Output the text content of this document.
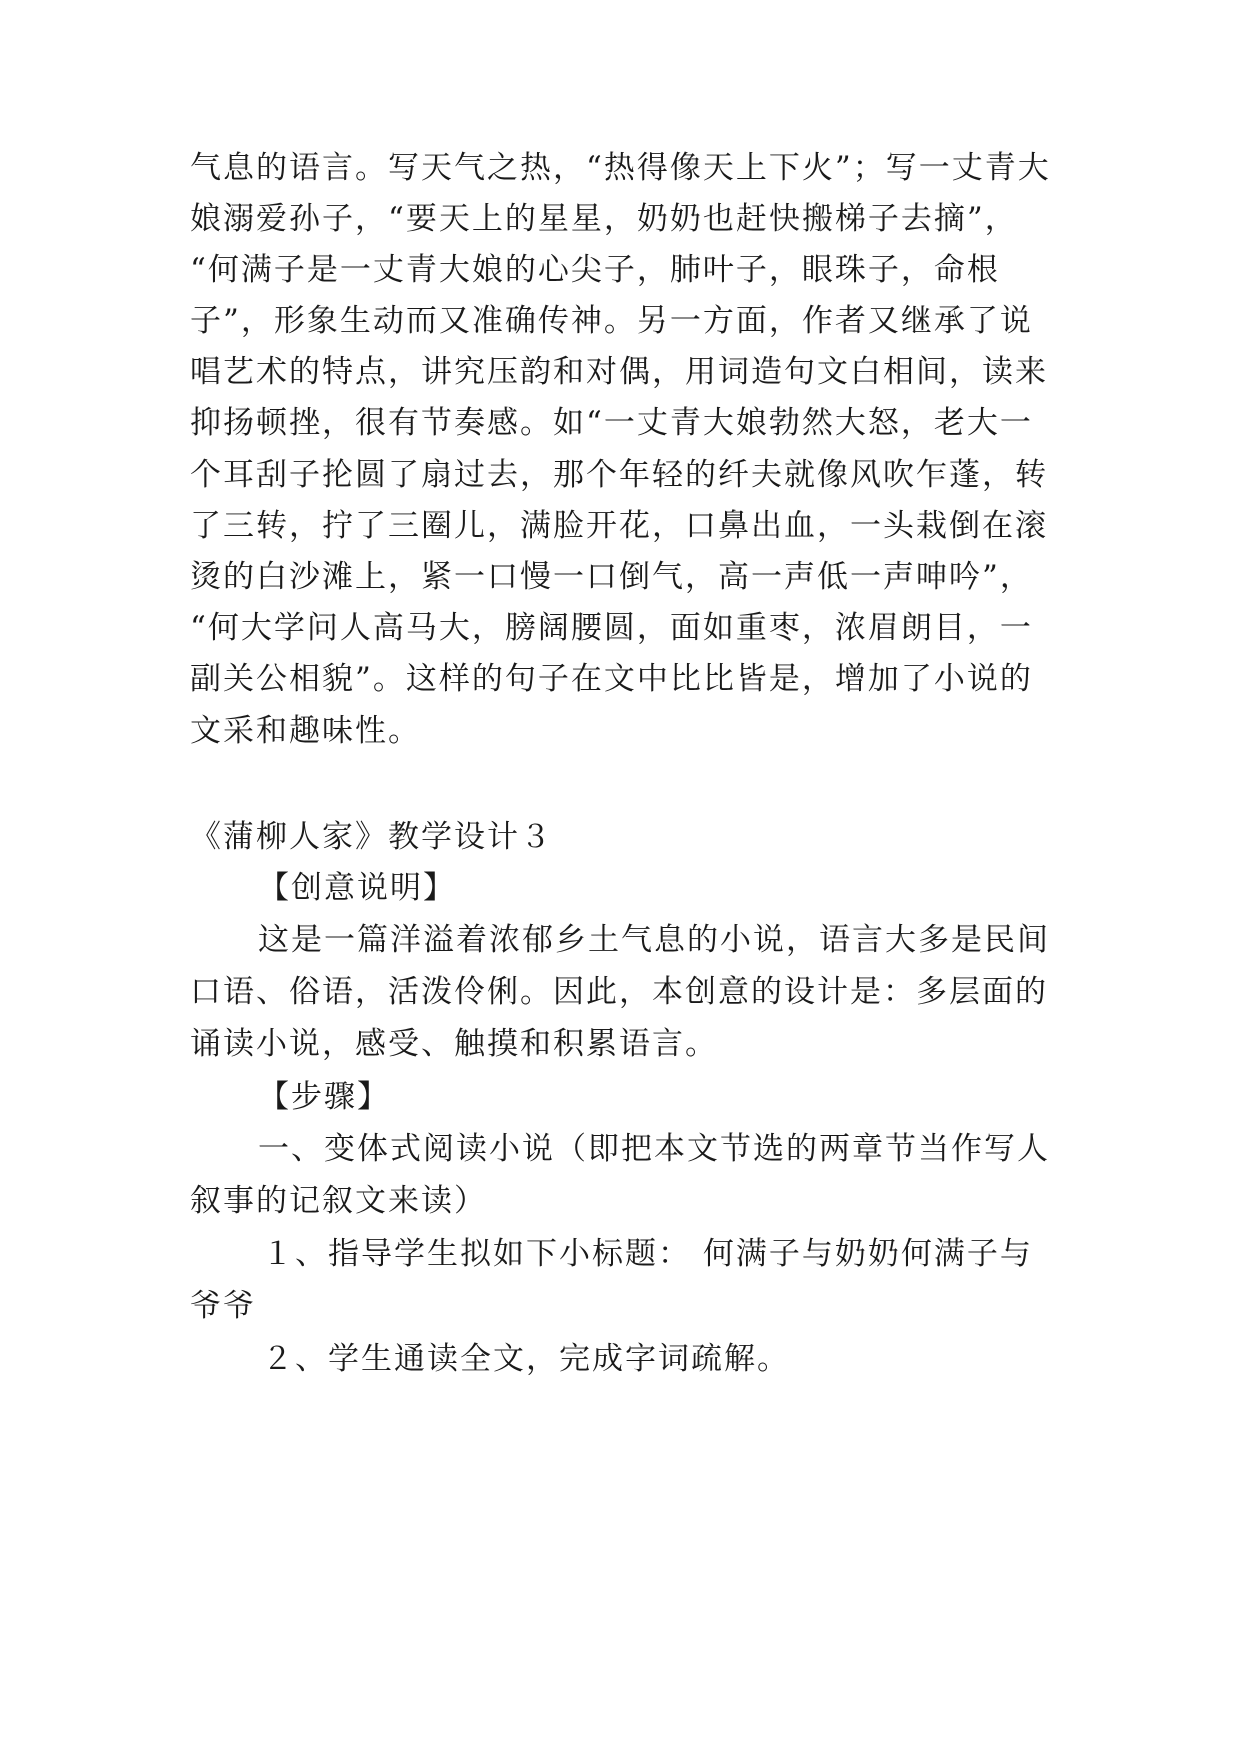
气息的语言。写天气之热，“热得像天上下火”；写一丈青大
娘溺爱孙子，“要天上的星星，奶奶也赶快搬梯子去摘”，
“何满子是一丈青大娘的心尖子，肺叶子，眼珠子，命根
子”，形象生动而又准确传神。另一方面，作者又继承了说
唱艺术的特点，讲究压韵和对偶，用词造句文白相间，读来
抑扬顿挫，很有节奏感。如“一丈青大娘勃然大怒，老大一
个耳刮子抡圆了扇过去，那个年轻的纤夫就像风吹乍蓬，转
了三转，拧了三圈儿，满脸开花，口鼻出血，一头栽倒在滚
烫的白沙滩上，紧一口慢一口倒气，高一声低一声呻吟”，
“何大学问人高马大，膀阔腰圆，面如重枣，浓眉朗目，一
副关公相貌”。这样的句子在文中比比皆是，增加了小说的
文采和趣味性。
《蒲柳人家》教学设计３
【创意说明】
这是一篇洋溢着浓郁乡土气息的小说，语言大多是民间
口语、俗语，活泼伶俐。因此，本创意的设计是：多层面的
诵读小说，感受、触摸和积累语言。
【步骤】
一、变体式阅读小说（即把本文节选的两章节当作写人
叙事的记叙文来读）
１、指导学生拟如下小标题： 何满子与奶奶何满子与
爷爷
２、学生通读全文，完成字词疏解。
